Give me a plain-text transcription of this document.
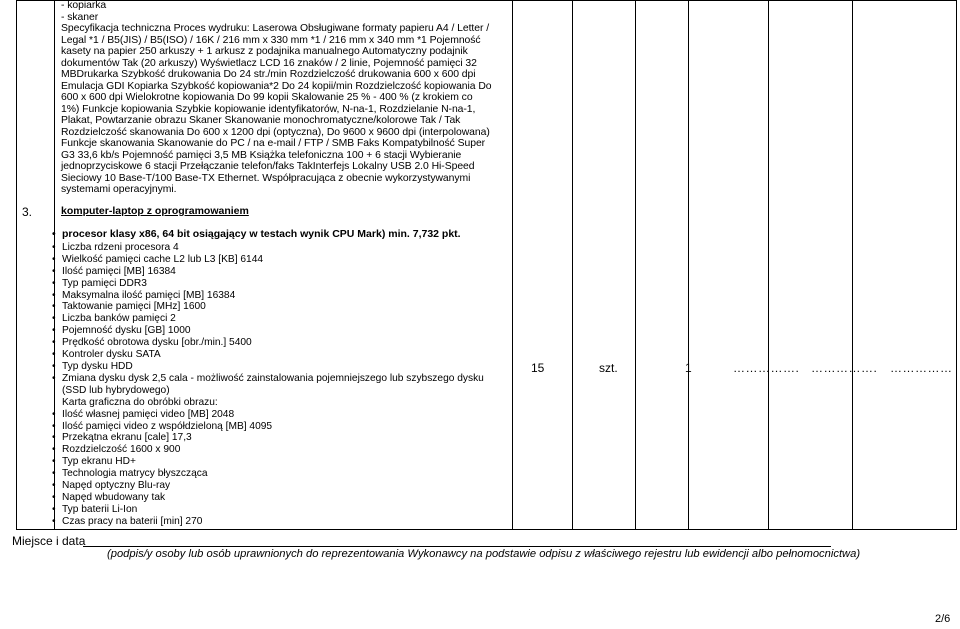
3.

- kopiarka

- skaner

Specyfikacja techniczna Proces wydruku: Laserowa Obsługiwane formaty papieru A4 / Letter / Legal *1 / B5(JIS) / B5(ISO) / 16K / 216 mm x 330 mm *1 / 216 mm x 340 mm *1 Pojemność kasety na papier 250 arkuszy + 1 arkusz z podajnika manualnego Automatyczny podajnik dokumentów Tak (20 arkuszy) Wyświetlacz LCD 16 znaków / 2 linie, Pojemność pamięci 32 MBDrukarka Szybkość drukowania Do 24 str./min Rozdzielczość drukowania 600 x 600 dpi Emulacja GDI Kopiarka Szybkość kopiowania*2 Do 24 kopii/min Rozdzielczość kopiowania Do 600 x 600 dpi Wielokrotne kopiowania Do 99 kopii Skalowanie 25 % - 400 % (z krokiem co 1%) Funkcje kopiowania Szybkie kopiowanie identyfikatorów, N-na-1, Rozdzielanie N-na-1, Plakat, Powtarzanie obrazu Skaner Skanowanie monochromatyczne/kolorowe Tak / Tak Rozdzielczość skanowania Do 600 x 1200 dpi (optyczna), Do 9600 x 9600 dpi (interpolowana) Funkcje skanowania Skanowanie do PC / na e-mail / FTP / SMB Faks Kompatybilność Super G3 33,6 kb/s Pojemność pamięci 3,5 MB Książka telefoniczna 100 + 6 stacji Wybieranie jednoprzyciskowe 6 stacji Przełączanie telefon/faks TakInterfejs Lokalny USB 2.0 Hi-Speed Sieciowy 10 Base-T/100 Base-TX Ethernet. Współpracująca z obecnie wykorzystywanymi systemami operacyjnymi.

komputer-laptop z oprogramowaniem
• procesor klasy x86, 64 bit osiągający w testach wynik CPU Mark) min. 7,732 pkt.
• Liczba rdzeni procesora 4
• Wielkość pamięci cache L2 lub L3 [KB] 6144
• Ilość pamięci [MB] 16384
• Typ pamięci DDR3
• Maksymalna ilość pamięci [MB] 16384
• Taktowanie pamięci [MHz] 1600
• Liczba banków pamięci 2
• Pojemność dysku [GB] 1000
• Prędkość obrotowa dysku [obr./min.] 5400
• Kontroler dysku SATA
• Typ dysku HDD
• Zmiana dysku dysk 2,5 cala - możliwość zainstalowania pojemniejszego lub szybszego dysku (SSD lub hybrydowego)
Karta graficzna do obróbki obrazu:
• Ilość własnej pamięci video [MB] 2048
• Ilość pamięci video z współdzieloną [MB] 4095
• Przekątna ekranu [cale] 17,3
• Rozdzielczość 1600 x 900
• Typ ekranu HD+
• Technologia matrycy błyszcząca
• Napęd optyczny Blu-ray
• Napęd wbudowany tak
• Typ baterii Li-Ion
• Czas pracy na baterii [min] 270
15	szt.	1	……………. ……………. ……………
Miejsce i data
(podpis/y osoby lub osób uprawnionych do reprezentowania Wykonawcy na podstawie odpisu z właściwego rejestru lub ewidencji albo pełnomocnictwa)
2/6
